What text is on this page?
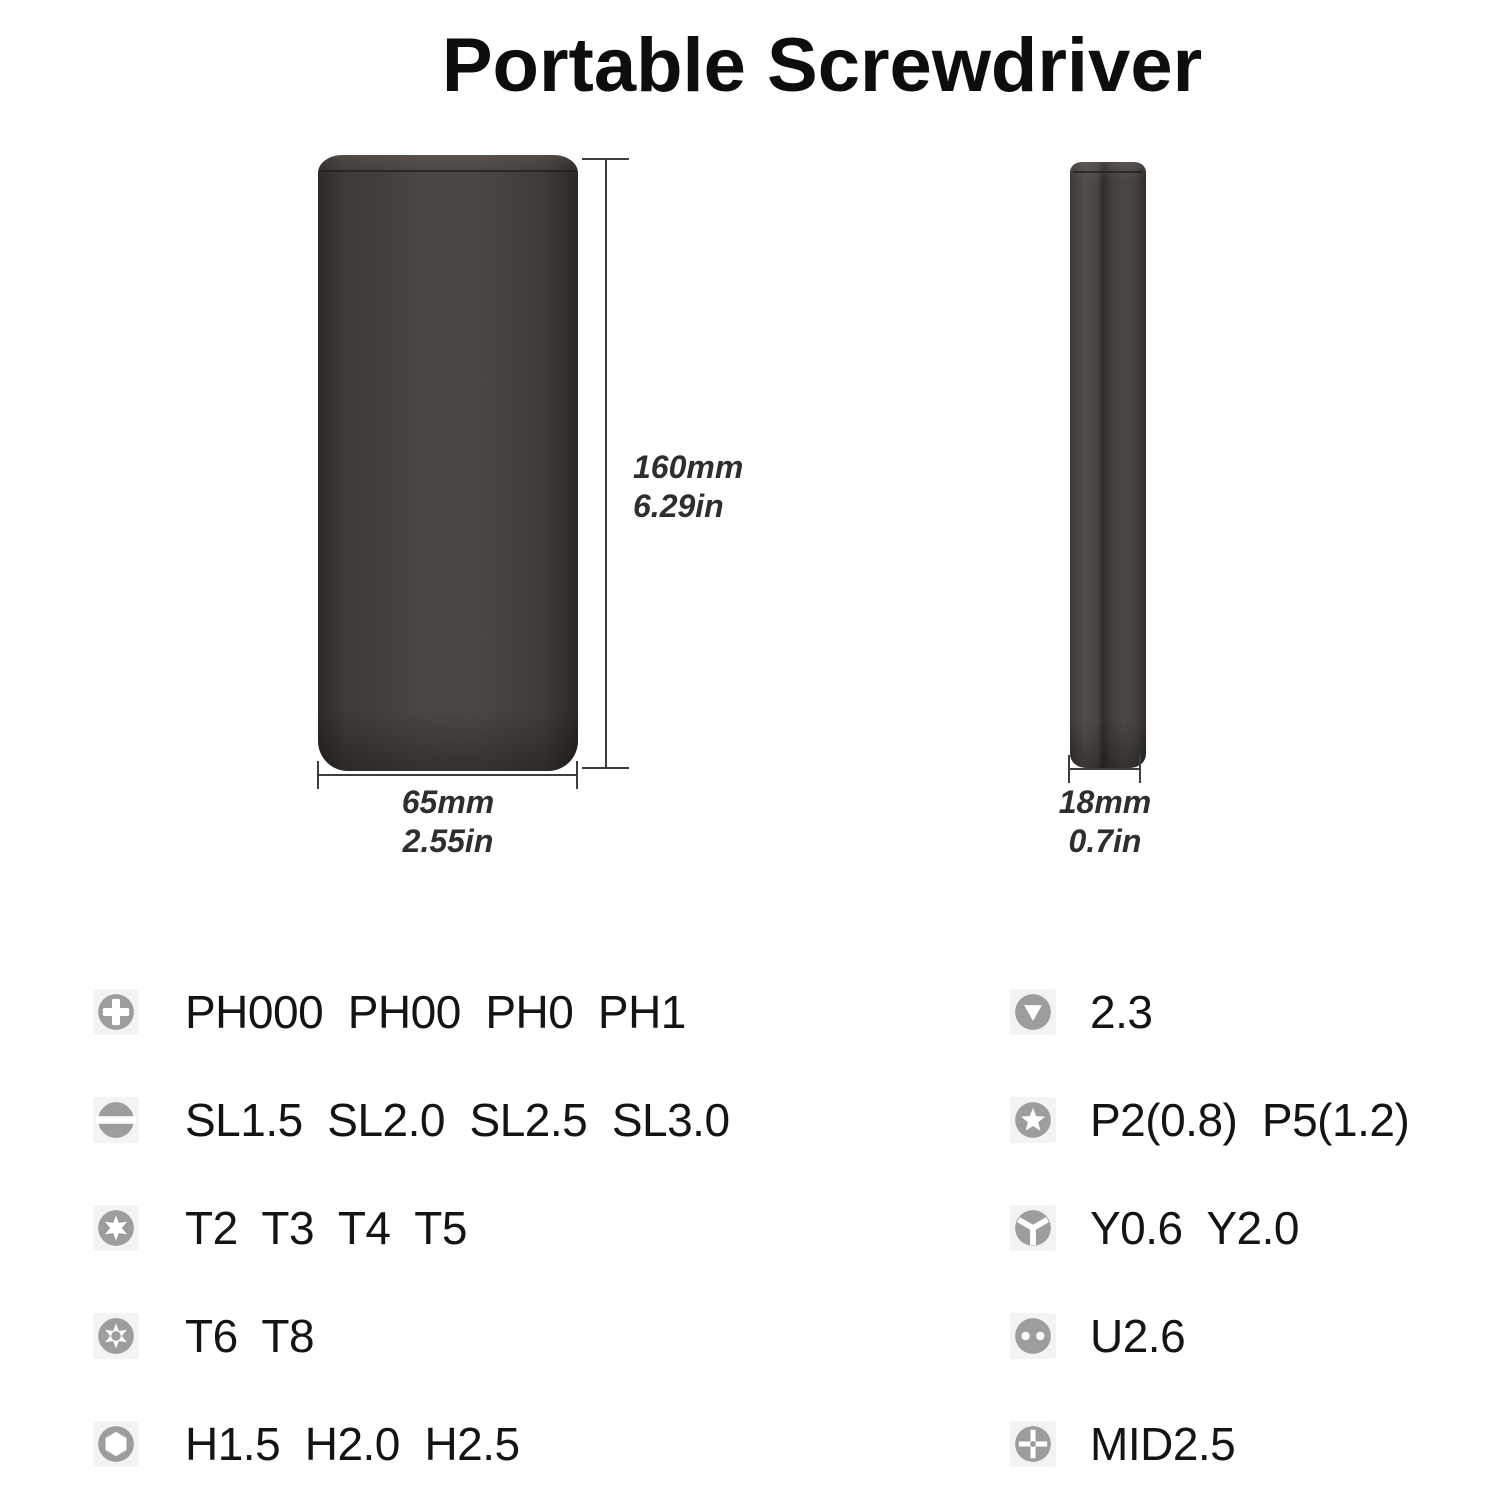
Portable Screwdriver
160mm
6.29in
65mm
2.55in
18mm
0.7in
PH000  PH00  PH0  PH1
SL1.5  SL2.0  SL2.5  SL3.0
T2  T3  T4  T5
T6  T8
H1.5  H2.0  H2.5
2.3
P2(0.8)  P5(1.2)
Y0.6  Y2.0
U2.6
MID2.5
